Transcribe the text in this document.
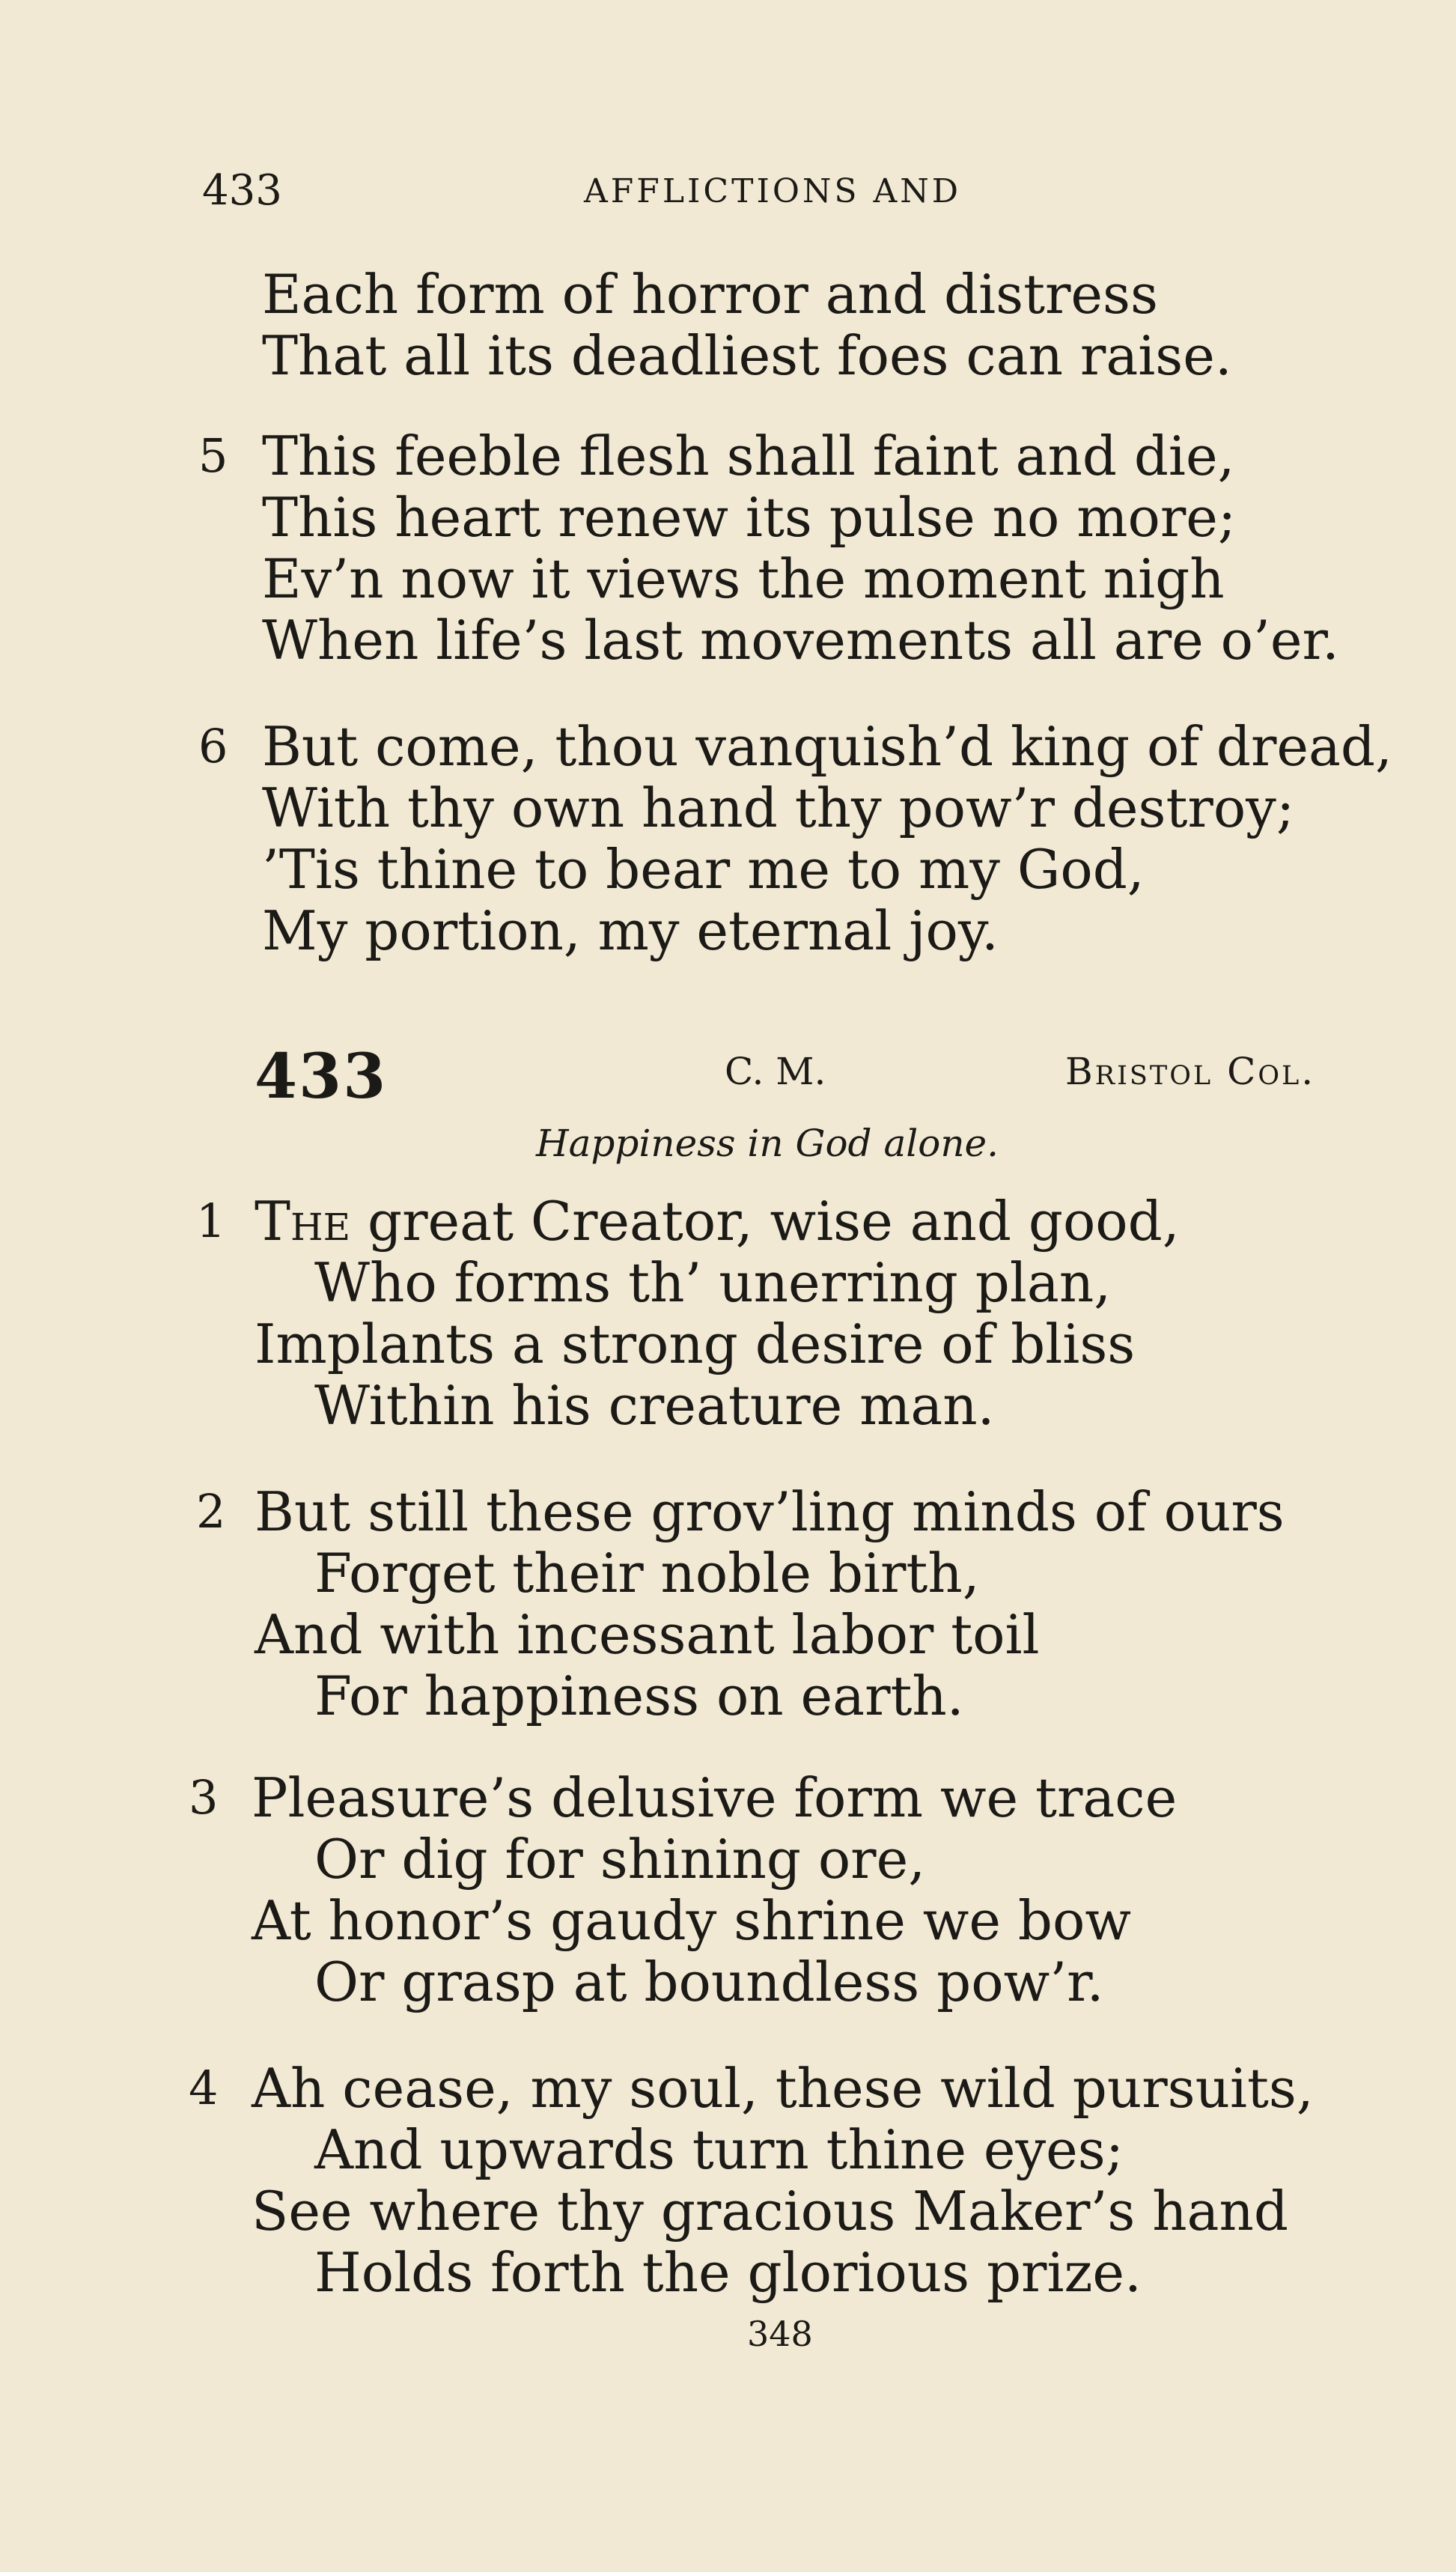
433	AFFLICTIONS AND
Each form of horror and distress
That all its deadliest foes can raise.
5 This feeble flesh shall faint and die,
This heart renew its pulse no more;
Ev’n now it views the moment nigh
When life’s last movements all are o’er.
6 But come, thou vanquish’d king of dread,
With thy own hand thy pow’r destroy;
’Tis thine to bear me to my God,
My portion, my eternal joy.
433	C. M.	Bristol Col.
Happiness in God alone.
1 The great Creator, wise and good,
Who forms th’ unerring plan,
Implants a strong desire of bliss
Within his creature man.
2 But still these grov’ling minds of ours
Forget their noble birth,
And with incessant labor toil
For happiness on earth.
3 Pleasure’s delusive form we trace
Or dig for shining ore,
At honor’s gaudy shrine we bow
Or grasp at boundless pow’r.
4 Ah cease, my soul, these wild pursuits,
And upwards turn thine eyes;
See where thy gracious Maker’s hand
Holds forth the glorious prize.
348
